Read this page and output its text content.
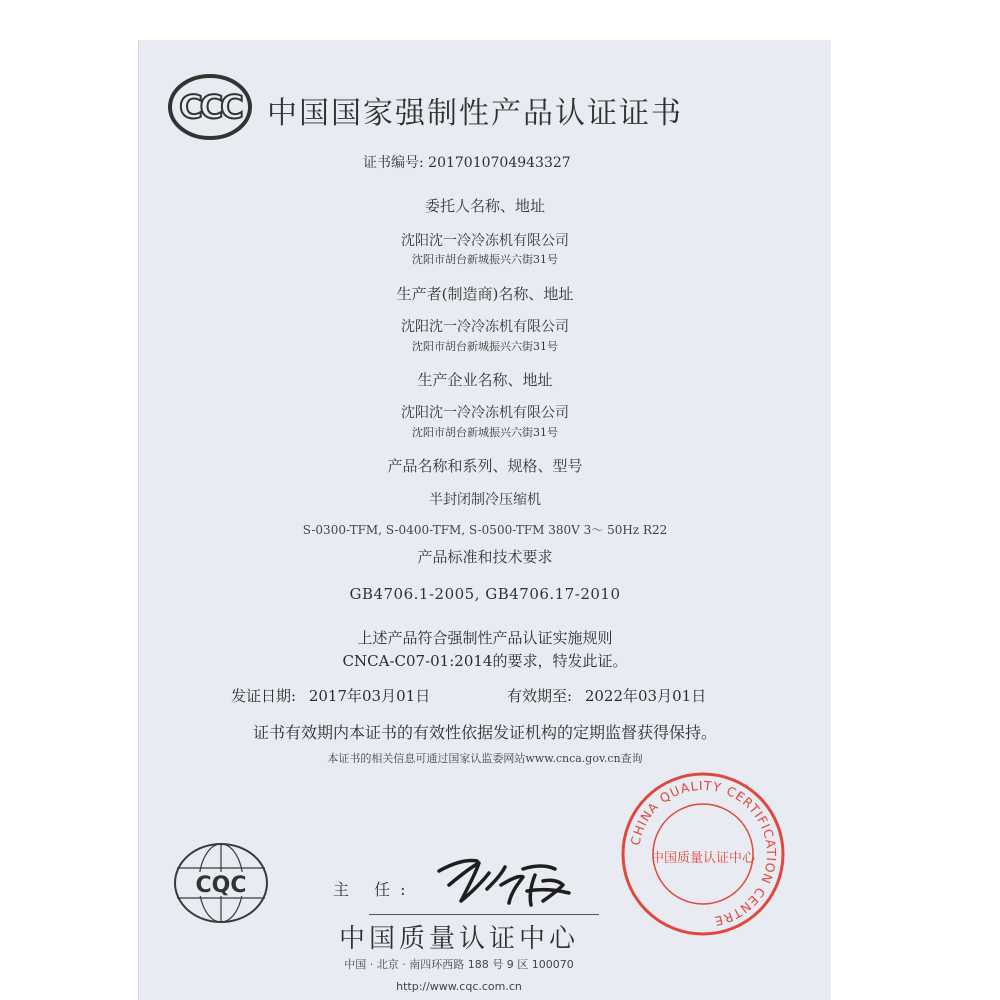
CCC 中国国家强制性产品认证证书
证书编号: 2017010704943327
委托人名称、地址
沈阳沈一冷冷冻机有限公司
沈阳市胡台新城振兴六街31号
生产者(制造商)名称、地址
沈阳沈一冷冷冻机有限公司
沈阳市胡台新城振兴六街31号
生产企业名称、地址
沈阳沈一冷冷冻机有限公司
沈阳市胡台新城振兴六街31号
产品名称和系列、规格、型号
半封闭制冷压缩机
S-0300-TFM, S-0400-TFM, S-0500-TFM 380V 3～ 50Hz R22
产品标准和技术要求
GB4706.1-2005, GB4706.17-2010
上述产品符合强制性产品认证实施规则
CNCA-C07-01:2014的要求，特发此证。
发证日期: 2017年03月01日	有效期至: 2022年03月01日
证书有效期内本证书的有效性依据发证机构的定期监督获得保持。
本证书的相关信息可通过国家认监委网站www.cnca.gov.cn查询
CHINA QUALITY CERTIFICATION CENTRE
中国质量认证中心
CQC	主 任:
中国质量认证中心
中国 · 北京 · 南四环西路 188 号 9 区 100070
http://www.cqc.com.cn
